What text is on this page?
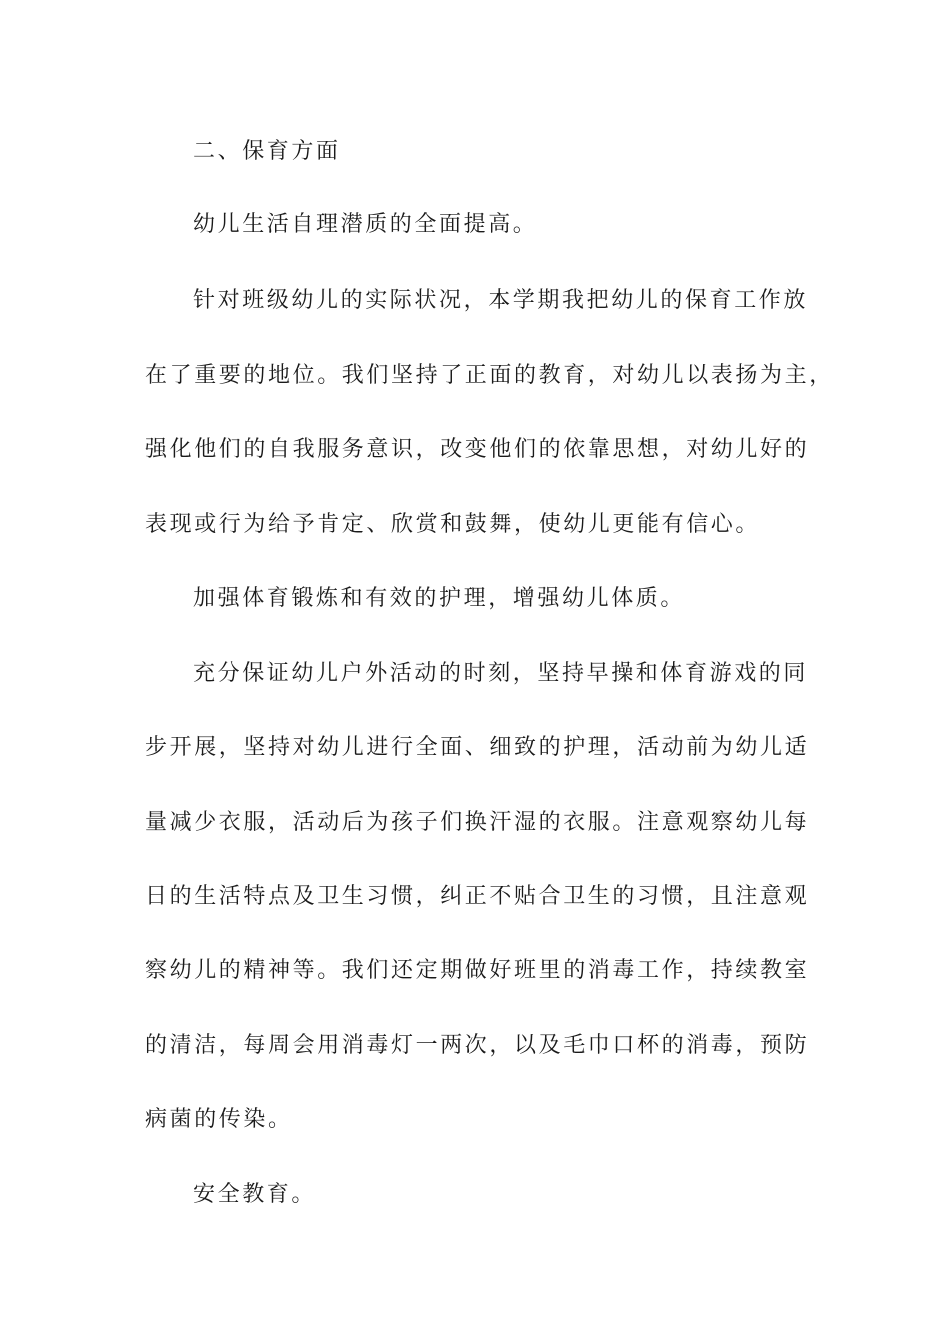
二、保育方面
幼儿生活自理潜质的全面提高。
针对班级幼儿的实际状况，本学期我把幼儿的保育工作放
在了重要的地位。我们坚持了正面的教育，对幼儿以表扬为主，
强化他们的自我服务意识，改变他们的依靠思想，对幼儿好的
表现或行为给予肯定、欣赏和鼓舞，使幼儿更能有信心。
加强体育锻炼和有效的护理，增强幼儿体质。
充分保证幼儿户外活动的时刻，坚持早操和体育游戏的同
步开展，坚持对幼儿进行全面、细致的护理，活动前为幼儿适
量减少衣服，活动后为孩子们换汗湿的衣服。注意观察幼儿每
日的生活特点及卫生习惯，纠正不贴合卫生的习惯，且注意观
察幼儿的精神等。我们还定期做好班里的消毒工作，持续教室
的清洁，每周会用消毒灯一两次，以及毛巾口杯的消毒，预防
病菌的传染。
安全教育。
